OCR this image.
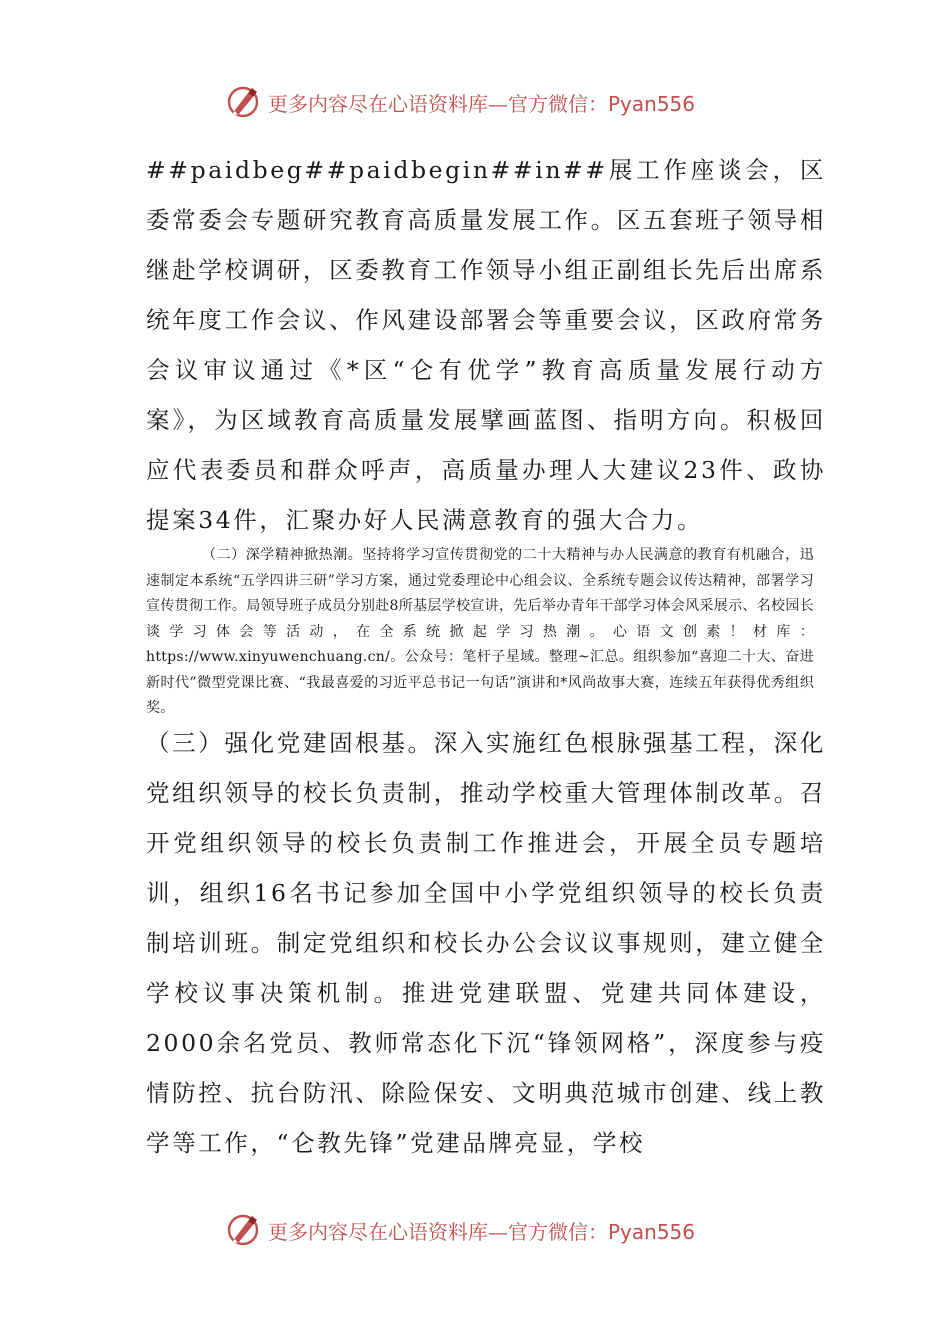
更多内容尽在心语资料库—官方微信：Pyan556

##paidbeg##paidbegin##in##展工作座谈会，区委常委会专题研究教育高质量发展工作。区五套班子领导相继赴学校调研，区委教育工作领导小组正副组长先后出席系统年度工作会议、作风建设部署会等重要会议，区政府常务会议审议通过《*区“仑有优学”教育高质量发展行动方案》，为区域教育高质量发展擘画蓝图、指明方向。积极回应代表委员和群众呼声，高质量办理人大建议23件、政协提案34件，汇聚办好人民满意教育的强大合力。

（二）深学精神掀热潮。坚持将学习宣传贯彻党的二十大精神与办人民满意的教育有机融合，迅速制定本系统“五学四讲三研”学习方案，通过党委理论中心组会议、全系统专题会议传达精神，部署学习宣传贯彻工作。局领导班子成员分别赴8所基层学校宣讲，先后举办青年干部学习体会风采展示、名校园长谈学习体会等活动，在全系统掀起学习热潮。心语文创素！材库：https://www.xinyuwenchuang.cn/。公众号：笔杆子星域。整理~汇总。组织参加“喜迎二十大、奋进新时代”微型党课比赛、“我最喜爱的习近平总书记一句话”演讲和*风尚故事大赛，连续五年获得优秀组织奖。

（三）强化党建固根基。深入实施红色根脉强基工程，深化党组织领导的校长负责制，推动学校重大管理体制改革。召开党组织领导的校长负责制工作推进会，开展全员专题培训，组织16名书记参加全国中小学党组织领导的校长负责制培训班。制定党组织和校长办公会议议事规则，建立健全学校议事决策机制。推进党建联盟、党建共同体建设，2000余名党员、教师常态化下沉“锋领网格”，深度参与疫情防控、抗台防汛、除险保安、文明典范城市创建、线上教学等工作，“仑教先锋”党建品牌亮显，学校

更多内容尽在心语资料库—官方微信：Pyan556
